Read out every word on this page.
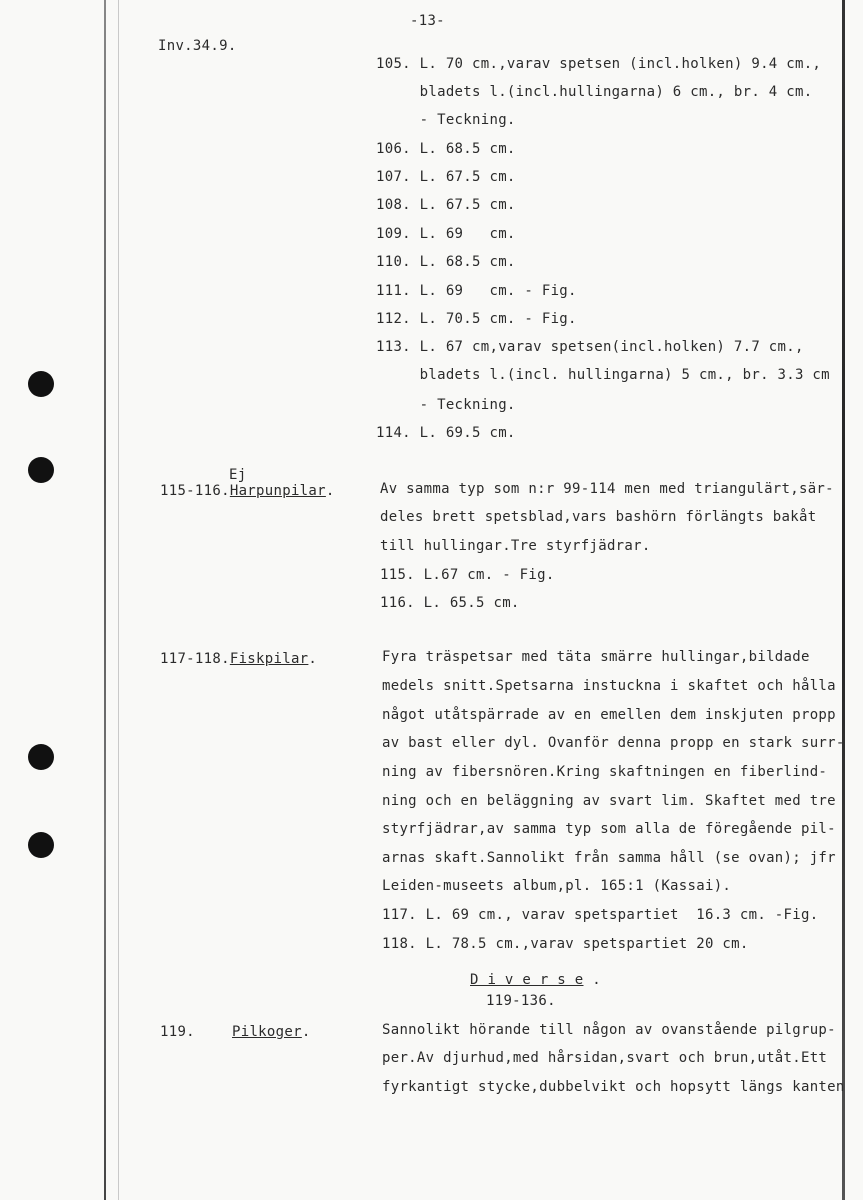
-13-
Inv.34.9.
105. L. 70 cm.,varav spetsen (incl.holken) 9.4 cm.,
bladets l.(incl.hullingarna) 6 cm., br. 4 cm.
- Teckning.
106. L. 68.5 cm.
107. L. 67.5 cm.
108. L. 67.5 cm.
109. L. 69   cm.
110. L. 68.5 cm.
111. L. 69   cm. - Fig.
112. L. 70.5 cm. - Fig.
113. L. 67 cm,varav spetsen(incl.holken) 7.7 cm.,
bladets l.(incl. hullingarna) 5 cm., br. 3.3 cm
- Teckning.
114. L. 69.5 cm.
Ej
115-116.Harpunpilar.	Av samma typ som n:r 99-114 men med triangulärt,sär-
deles brett spetsblad,vars bashörn förlängts bakåt
till hullingar.Tre styrfjädrar.
115. L.67 cm. - Fig.
116. L. 65.5 cm.
117-118.Fiskpilar.	Fyra träspetsar med täta smärre hullingar,bildade
medels snitt.Spetsarna instuckna i skaftet och hålla
något utåtspärrade av en emellen dem inskjuten propp
av bast eller dyl. Ovanför denna propp en stark surr-
ning av fibersnören.Kring skaftningen en fiberlind-
ning och en beläggning av svart lim. Skaftet med tre
styrfjädrar,av samma typ som alla de föregående pil-
arnas skaft.Sannolikt från samma håll (se ovan); jfr
Leiden-museets album,pl. 165:1 (Kassai).
117. L. 69 cm., varav spetspartiet  16.3 cm. -Fig.
118. L. 78.5 cm.,varav spetspartiet 20 cm.
D i v e r s e .
119-136.
119.	Pilkoger.	Sannolikt hörande till någon av ovanstående pilgrup-
per.Av djurhud,med hårsidan,svart och brun,utåt.Ett
fyrkantigt stycke,dubbelvikt och hopsytt längs kanten
